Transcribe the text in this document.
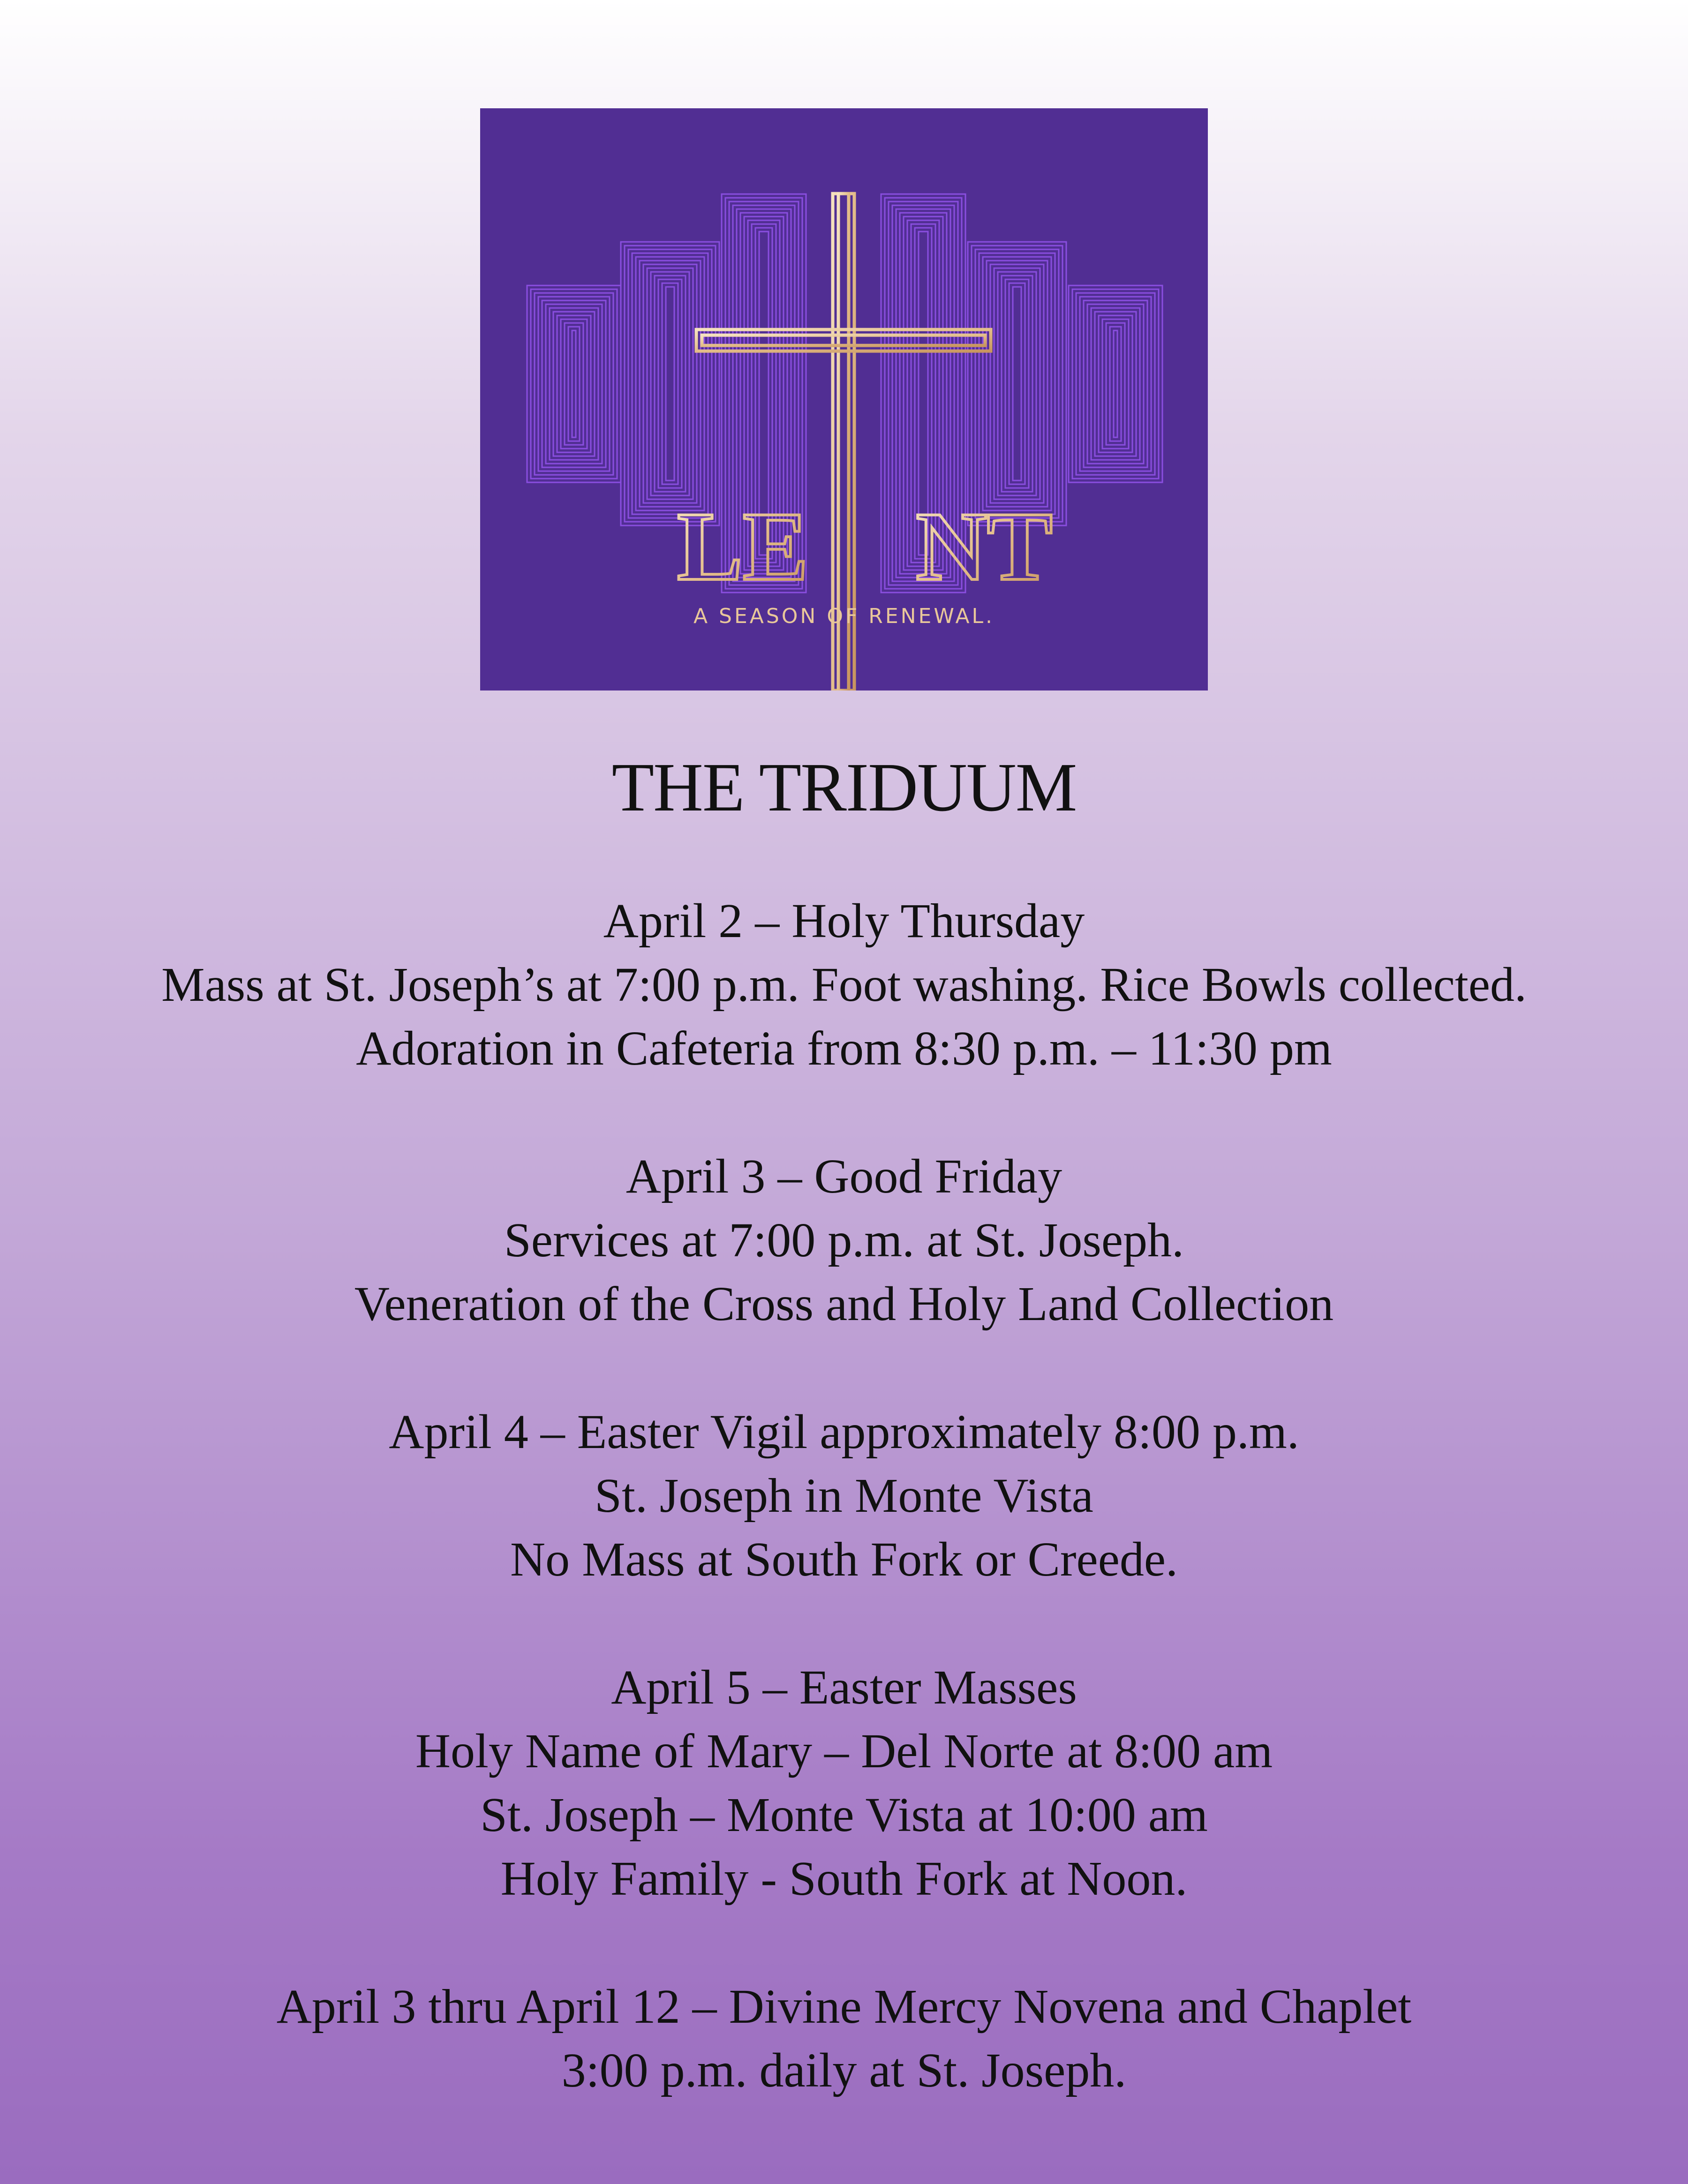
LE NT
A SEASON OF RENEWAL.
THE TRIDUUM
April 2 – Holy Thursday
Mass at St. Joseph’s at 7:00 p.m. Foot washing. Rice Bowls collected.
Adoration in Cafeteria from 8:30 p.m. – 11:30 pm
April 3 – Good Friday
Services at 7:00 p.m. at St. Joseph.
Veneration of the Cross and Holy Land Collection
April 4 – Easter Vigil approximately 8:00 p.m.
St. Joseph in Monte Vista
No Mass at South Fork or Creede.
April 5 – Easter Masses
Holy Name of Mary – Del Norte at 8:00 am
St. Joseph – Monte Vista at 10:00 am
Holy Family - South Fork at Noon.
April 3 thru April 12 – Divine Mercy Novena and Chaplet
3:00 p.m. daily at St. Joseph.
